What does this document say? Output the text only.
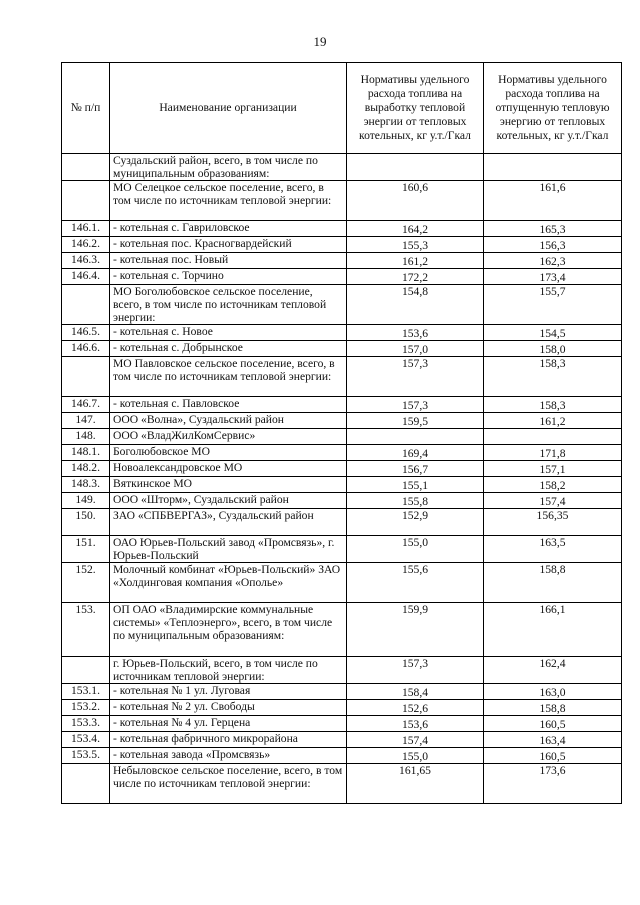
19
№ п/п	Наименование организации	Нормативы удельного расхода топлива на выработку тепловой энергии от тепловых котельных, кг у.т./Гкал	Нормативы удельного расхода топлива на отпущенную тепловую энергию от тепловых котельных, кг у.т./Гкал
	Суздальский район, всего, в том числе по муниципальным образованиям:		
	МО Селецкое сельское поселение, всего, в том числе по источникам тепловой энергии:	160,6	161,6
146.1.	- котельная с. Гавриловское	164,2	165,3
146.2.	- котельная пос. Красногвардейский	155,3	156,3
146.3.	- котельная пос. Новый	161,2	162,3
146.4.	- котельная с. Торчино	172,2	173,4
	МО Боголюбовское сельское поселение, всего, в том числе по источникам тепловой энергии:	154,8	155,7
146.5.	- котельная с. Новое	153,6	154,5
146.6.	- котельная с. Добрынское	157,0	158,0
	МО Павловское сельское поселение, всего, в том числе по источникам тепловой энергии:	157,3	158,3
146.7.	- котельная с. Павловское	157,3	158,3
147.	ООО «Волна», Суздальский район	159,5	161,2
148.	ООО «ВладЖилКомСервис»		
148.1.	Боголюбовское МО	169,4	171,8
148.2.	Новоалександровское МО	156,7	157,1
148.3.	Вяткинское МО	155,1	158,2
149.	ООО «Шторм», Суздальский район	155,8	157,4
150.	ЗАО «СПБВЕРГАЗ», Суздальский район	152,9	156,35
151.	ОАО Юрьев-Польский завод «Промсвязь», г. Юрьев-Польский	155,0	163,5
152.	Молочный комбинат «Юрьев-Польский» ЗАО «Холдинговая компания «Ополье»	155,6	158,8
153.	ОП ОАО «Владимирские коммунальные системы» «Теплоэнерго», всего, в том числе по муниципальным образованиям:	159,9	166,1
	г. Юрьев-Польский, всего, в том числе по источникам тепловой энергии:	157,3	162,4
153.1.	- котельная № 1 ул. Луговая	158,4	163,0
153.2.	- котельная № 2 ул. Свободы	152,6	158,8
153.3.	- котельная № 4 ул. Герцена	153,6	160,5
153.4.	- котельная фабричного микрорайона	157,4	163,4
153.5.	- котельная завода «Промсвязь»	155,0	160,5
	Небыловское сельское поселение, всего, в том числе по источникам тепловой энергии:	161,65	173,6
